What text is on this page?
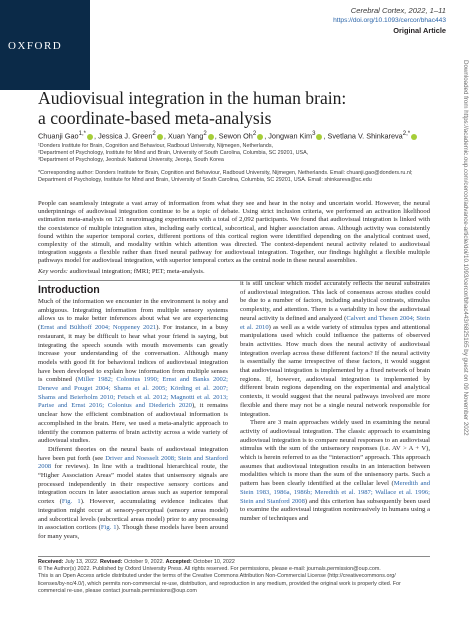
OXFORD
Cerebral Cortex, 2022, 1–11
https://doi.org/10.1093/cercor/bhac443
Original Article
Downloaded from https://academic.oup.com/cercor/advance-article/doi/10.1093/cercor/bhac443/6825165 by guest on 09 November 2022
Audiovisual integration in the human brain:
a coordinate-based meta-analysis
Chuanji Gao$^{1,*}$ , Jessica J. Green$^2$ , Xuan Yang$^2$ , Sewon Oh$^2$ , Jongwan Kim$^3$ , Svetlana V. Shinkareva$^{2,*}$

¹Donders Institute for Brain, Cognition and Behaviour, Radboud University, Nijmegen, Netherlands,

²Department of Psychology, Institute for Mind and Brain, University of South Carolina, Columbia, SC 29201, USA,

³Department of Psychology, Jeonbuk National University, Jeonju, South Korea

*Corresponding author: Donders Institute for Brain, Cognition and Behaviour, Radboud University, Nijmegen, Netherlands. Email: chuanji.gao@donders.ru.nl;

Department of Psychology, Institute for Mind and Brain, University of South Carolina, Columbia, SC 29201, USA. Email: shinkareva@sc.edu

People can seamlessly integrate a vast array of information from what they see and hear in the noisy and uncertain world. However, the neural underpinnings of audiovisual integration continue to be a topic of debate. Using strict inclusion criteria, we performed an activation likelihood estimation meta-analysis on 121 neuroimaging experiments with a total of 2,092 participants. We found that audiovisual integration is linked with the coexistence of multiple integration sites, including early cortical, subcortical, and higher association areas. Although activity was consistently found within the superior temporal cortex, different portions of this cortical region were identified depending on the analytical contrast used, complexity of the stimuli, and modality within which attention was directed. The context-dependent neural activity related to audiovisual integration suggests a flexible rather than fixed neural pathway for audiovisual integration. Together, our findings highlight a flexible multiple pathways model for audiovisual integration, with superior temporal cortex as the central node in these neural assemblies.

Key words: audiovisual integration; fMRI; PET; meta-analysis.
Introduction

Much of the information we encounter in the environment is noisy and ambiguous. Integrating information from multiple sensory systems allows us to make better inferences about what we are experiencing (Ernst and Bülthoff 2004; Noppeney 2021). For instance, in a busy restaurant, it may be difficult to hear what your friend is saying, but integrating the speech sounds with mouth movements can greatly increase your understanding of the conversation. Although many models with good fit for behavioral indices of audiovisual integration have been developed to explain how information from multiple senses is combined (Miller 1982; Colonius 1990; Ernst and Banks 2002; Deneve and Pouget 2004; Shams et al. 2005; Körding et al. 2007; Shams and Beierholm 2010; Fetsch et al. 2012; Magnotti et al. 2013; Parise and Ernst 2016; Colonius and Diederich 2020), it remains unclear how the efficient combination of audiovisual information is accomplished in the brain. Here, we used a meta-analytic approach to identify the common patterns of brain activity across a wide variety of audiovisual studies.

Different theories on the neural basis of audiovisual integration have been put forth (see Driver and Noesselt 2008; Stein and Stanford 2008 for reviews). In line with a traditional hierarchical route, the “Higher Association Areas” model states that unisensory signals are processed independently in their respective sensory cortices and integration occurs in later association areas such as superior temporal cortex (Fig. 1). However, accumulating evidence indicates that integration might occur at sensory-perceptual (sensory areas model) and subcortical levels (subcortical areas model) prior to any processing in association cortices (Fig. 1). Though these models have been around for many years,

it is still unclear which model accurately reflects the neural substrates of audiovisual integration. This lack of consensus across studies could be due to a number of factors, including analytical contrasts, stimulus complexity, and attention. There is a variability in how the audiovisual neural activity is defined and analyzed (Calvert and Thesen 2004; Stein et al. 2010) as well as a wide variety of stimulus types and attentional manipulations used which could influence the patterns of observed brain activities. How much does the neural activity of audiovisual integration overlap across these different factors? If the neural activity is essentially the same irrespective of these factors, it would suggest that audiovisual integration is implemented by a fixed network of brain regions. If, however, audiovisual integration is implemented by different brain regions depending on the experimental and analytical contexts, it would suggest that the neural pathways involved are more flexible and there may not be a single neural network responsible for integration.

There are 3 main approaches widely used in examining the neural activity of audiovisual integration. The classic approach to examining audiovisual integration is to compare neural responses to an audiovisual stimulus with the sum of the unisensory responses (i.e. AV > A + V), which is herein referred to as the “interaction” approach. This approach assumes that audiovisual integration results in an interaction between modalities which is more than the sum of the unisensory parts. Such a pattern has been clearly identified at the cellular level (Meredith and Stein 1983, 1986a, 1986b; Meredith et al. 1987; Wallace et al. 1996; Stein and Stanford 2008) and this criterion has subsequently been used to examine the audiovisual integration noninvasively in humans using a number of techniques and

Received: July 13, 2022. Revised: October 9, 2022. Accepted: October 10, 2022

© The Author(s) 2022. Published by Oxford University Press. All rights reserved. For permissions, please e-mail: journals.permission@oup.com.

This is an Open Access article distributed under the terms of the Creative Commons Attribution Non-Commercial License (http://creativecommons.org/

licenses/by-nc/4.0/), which permits non-commercial re-use, distribution, and reproduction in any medium, provided the original work is properly cited. For

commercial re-use, please contact journals.permissions@oup.com
